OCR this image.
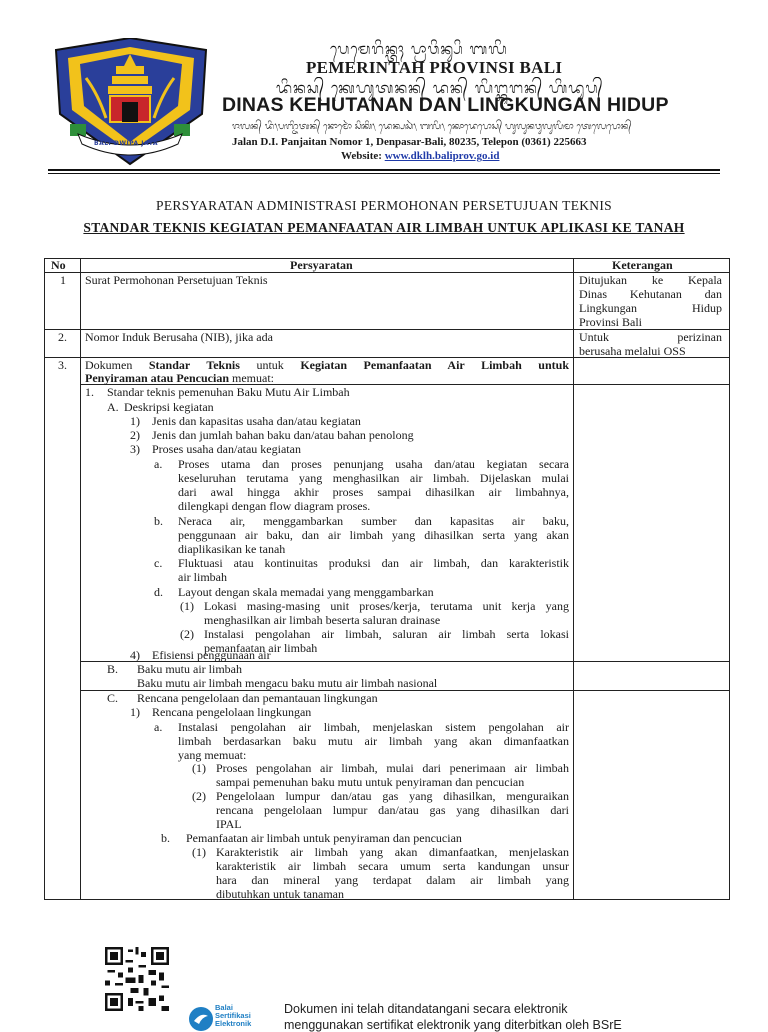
BALI DWIPA JAYA
ᬧᬾᬫᬾᬭᬶᬦ᭄ᬢᬄ ᬧ᭄ᬭᬵᬯᬶᬦ᭄ᬲᬶ ᬩᬮᬶ
PEMERINTAH PROVINSI BALI
ᬤᬶᬦᬲ᭄ ᬓᬾᬳᬸᬢᬦᬦ᭄ ᬤᬦ᭄ ᬮᬶᬗ᭄ᬓᬸᬗᬦ᭄ ᬳᬶᬤᬸᬧ᭄
DINAS KEHUTANAN DAN LINGKUNGAN HIDUP
ᬚᬮᬦ᭄ ᬤᬶ᭞ᬧᬜ᭄ᬚᬶᬢᬦ᭄ ᬦᭀᬫᭀᬃ ᬲᬶᬓᬶ᭞ ᬤᬾᬦ᭄ᬧᬲᬃ᭞ ᬩᬮᬶ᭞ ᬓᭀᬤᬾᬧᭀᬲ᭄ ᬳᬸᬮᬸᬦᬯᬸᬮᬸᬮᬶᬫᬵ ᬢᬾᬮᬾᬧᭀᬦ᭄
Jalan D.I. Panjaitan Nomor 1, Denpasar-Bali, 80235, Telepon (0361) 225663
Website: www.dklh.baliprov.go.id
PERSYARATAN ADMINISTRASI PERMOHONAN PERSETUJUAN TEKNIS
STANDAR TEKNIS KEGIATAN PEMANFAATAN AIR LIMBAH UNTUK APLIKASI KE TANAH
No	Persyaratan	Keterangan
1 Surat Permohonan Persetujuan Teknis	Ditujukan ke Kepala
Dinas Kehutanan dan
Lingkungan Hidup
Provinsi Bali
2. Nomor Induk Berusaha (NIB), jika ada	Untuk perizinan
berusaha melalui OSS
3. Dokumen Standar Teknis untuk Kegiatan Pemanfaatan Air Limbah untuk
Penyiraman atau Pencucian memuat:
1. Standar teknis pemenuhan Baku Mutu Air Limbah
A. Deskripsi kegiatan
1) Jenis dan kapasitas usaha dan/atau kegiatan
2) Jenis dan jumlah bahan baku dan/atau bahan penolong
3) Proses usaha dan/atau kegiatan
a. Proses utama dan proses penunjang usaha dan/atau kegiatan secara
keseluruhan terutama yang menghasilkan air limbah. Dijelaskan mulai
dari awal hingga akhir proses sampai dihasilkan air limbahnya,
dilengkapi dengan flow diagram proses.
b. Neraca air, menggambarkan sumber dan kapasitas air baku,
penggunaan air baku, dan air limbah yang dihasilkan serta yang akan
diaplikasikan ke tanah
c. Fluktuasi atau kontinuitas produksi dan air limbah, dan karakteristik
air limbah
d. Layout dengan skala memadai yang menggambarkan
(1) Lokasi masing-masing unit proses/kerja, terutama unit kerja yang
menghasilkan air limbah beserta saluran drainase
(2) Instalasi pengolahan air limbah, saluran air limbah serta lokasi
pemanfaatan air limbah
4) Efisiensi penggunaan air
B. Baku mutu air limbah
Baku mutu air limbah mengacu baku mutu air limbah nasional
C. Rencana pengelolaan dan pemantauan lingkungan
1) Rencana pengelolaan lingkungan
a. Instalasi pengolahan air limbah, menjelaskan sistem pengolahan air
limbah berdasarkan baku mutu air limbah yang akan dimanfaatkan
yang memuat:
(1) Proses pengolahan air limbah, mulai dari penerimaan air limbah
sampai pemenuhan baku mutu untuk penyiraman dan pencucian
(2) Pengelolaan lumpur dan/atau gas yang dihasilkan, menguraikan
rencana pengelolaan lumpur dan/atau gas yang dihasilkan dari
IPAL
b. Pemanfaatan air limbah untuk penyiraman dan pencucian
(1) Karakteristik air limbah yang akan dimanfaatkan, menjelaskan
karakteristik air limbah secara umum serta kandungan unsur
hara dan mineral yang terdapat dalam air limbah yang
dibutuhkan untuk tanaman
Balai
Sertifikasi
Elektronik
Dokumen ini telah ditandatangani secara elektronik
menggunakan sertifikat elektronik yang diterbitkan oleh BSrE
